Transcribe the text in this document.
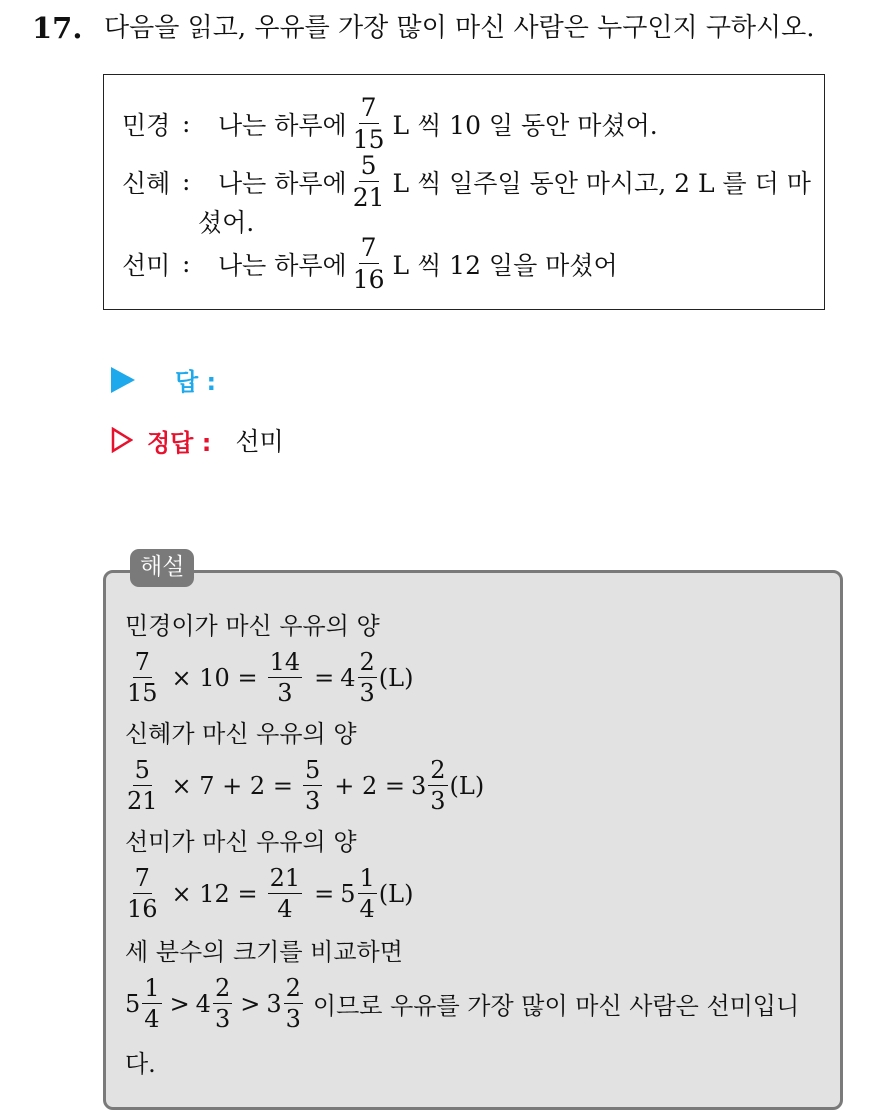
17. 다음을 읽고, 우유를 가장 많이 마신 사람은 누구인지 구하시오.
민경 :	나는 하루에 $\frac{7}{15}$ L 씩 10 일 동안 마셨어.
신혜 :	나는 하루에 $\frac{5}{21}$ L 씩 일주일 동안 마시고, 2 L 를 더 마
셨어.
선미 :	나는 하루에 $\frac{7}{16}$ L 씩 12 일을 마셨어
답 :
정답 : 선미
해설
민경이가 마신 우유의 양
$\frac{7}{15} \times 10 = \frac{14}{3} = 4 \frac{2}{3} (L)$
신혜가 마신 우유의 양
$\frac{5}{21} \times 7 + 2 = \frac{5}{3} + 2 = 3 \frac{2}{3} (L)$
선미가 마신 우유의 양
$\frac{7}{16} \times 12 = \frac{21}{4} = 5 \frac{1}{4} (L)$
세 분수의 크기를 비교하면
$5 \frac{1}{4} > 4 \frac{2}{3} > 3 \frac{2}{3}$ 이므로 우유를 가장 많이 마신 사람은 선미입니
다.
